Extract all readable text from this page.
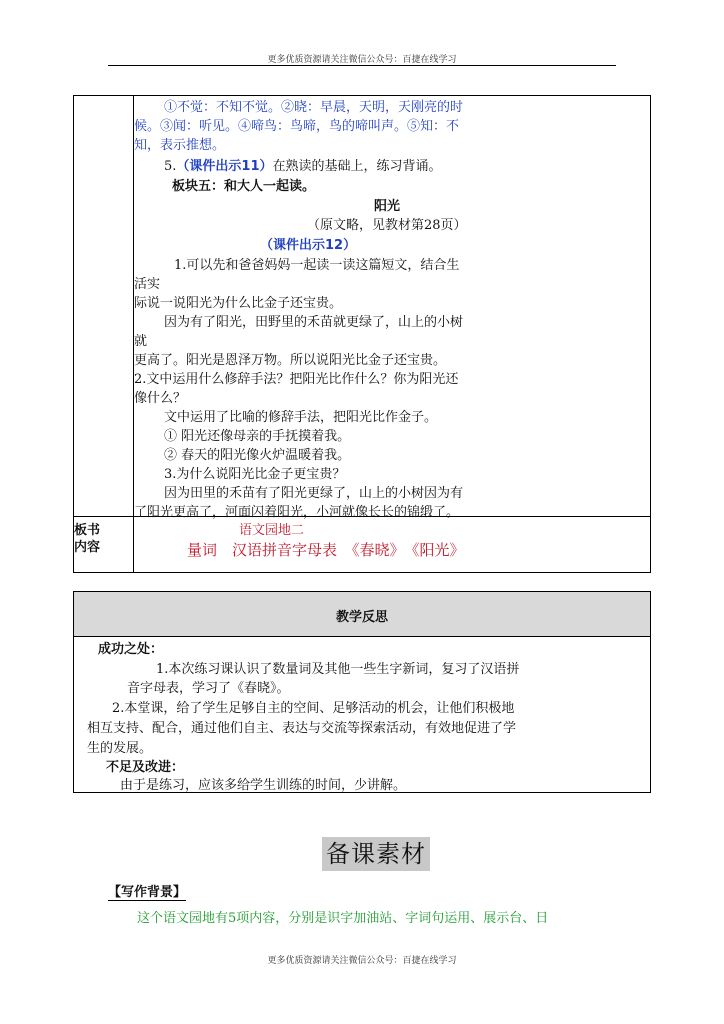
更多优质资源请关注微信公众号：百捷在线学习
①不觉：不知不觉。②晓：早晨，天明，天刚亮的时
候。③闻：听见。④啼鸟：鸟啼，鸟的啼叫声。⑤知：不
知，表示推想。
5.（课件出示11）在熟读的基础上，练习背诵。
板块五：和大人一起读。
阳光
（原文略，见教材第28页）
（课件出示12）
1.可以先和爸爸妈妈一起读一读这篇短文，结合生
活实
际说一说阳光为什么比金子还宝贵。
因为有了阳光，田野里的禾苗就更绿了，山上的小树
就
更高了。阳光是恩泽万物。所以说阳光比金子还宝贵。
2.文中运用什么修辞手法？把阳光比作什么？你为阳光还
像什么？
文中运用了比喻的修辞手法，把阳光比作金子。
① 阳光还像母亲的手抚摸着我。
② 春天的阳光像火炉温暖着我。
3.为什么说阳光比金子更宝贵？
因为田里的禾苗有了阳光更绿了，山上的小树因为有
了阳光更高了，河面闪着阳光，小河就像长长的锦缎了。
板书
内容
语文园地二
量词　汉语拼音字母表　《春晓》　《阳光》
教学反思
成功之处：
1.本次练习课认识了数量词及其他一些生字新词，复习了汉语拼
音字母表，学习了《春晓》。
2.本堂课，给了学生足够自主的空间、足够活动的机会，让他们积极地
相互支持、配合，通过他们自主、表达与交流等探索活动，有效地促进了学
生的发展。
不足及改进：
由于是练习，应该多给学生训练的时间，少讲解。
备课素材
【写作背景】
这个语文园地有5项内容，分别是识字加油站、字词句运用、展示台、日
更多优质资源请关注微信公众号：百捷在线学习
